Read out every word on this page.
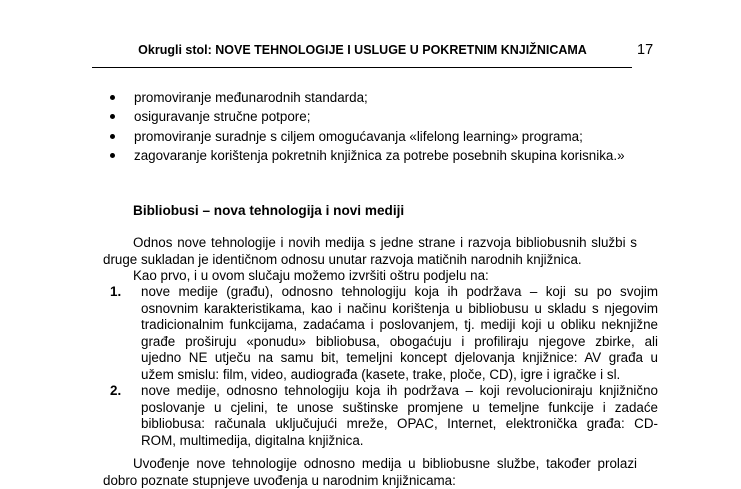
Okrugli stol: NOVE TEHNOLOGIJE I USLUGE U POKRETNIM KNJIŽNICAMA	17
promoviranje međunarodnih standarda;
osiguravanje stručne potpore;
promoviranje suradnje s ciljem omogućavanja «lifelong learning» programa;
zagovaranje korištenja pokretnih knjižnica za potrebe posebnih skupina korisnika.»
Bibliobusi – nova tehnologija i novi mediji
Odnos nove tehnologije i novih medija s jedne strane i razvoja bibliobusnih službi s
druge sukladan je identičnom odnosu unutar razvoja matičnih narodnih knjižnica.
Kao prvo, i u ovom slučaju možemo izvršiti oštru podjelu na:
1. nove medije (građu), odnosno tehnologiju koja ih podržava – koji su po svojim
osnovnim karakteristikama, kao i načinu korištenja u bibliobusu u skladu s njegovim
tradicionalnim funkcijama, zadaćama i poslovanjem, tj. mediji koji u obliku neknjižne
građe proširuju «ponudu» bibliobusa, obogaćuju i profiliraju njegove zbirke, ali
ujedno NE utječu na samu bit, temeljni koncept djelovanja knjižnice: AV građa u
užem smislu: film, video, audiograđa (kasete, trake, ploče, CD), igre i igračke i sl.
2. nove medije, odnosno tehnologiju koja ih podržava – koji revolucioniraju knjižnično
poslovanje u cjelini, te unose suštinske promjene u temeljne funkcije i zadaće
bibliobusa: računala uključujući mreže, OPAC, Internet, elektronička građa: CD-
ROM, multimedija, digitalna knjižnica.
Uvođenje nove tehnologije odnosno medija u bibliobusne službe, također prolazi
dobro poznate stupnjeve uvođenja u narodnim knjižnicama:
